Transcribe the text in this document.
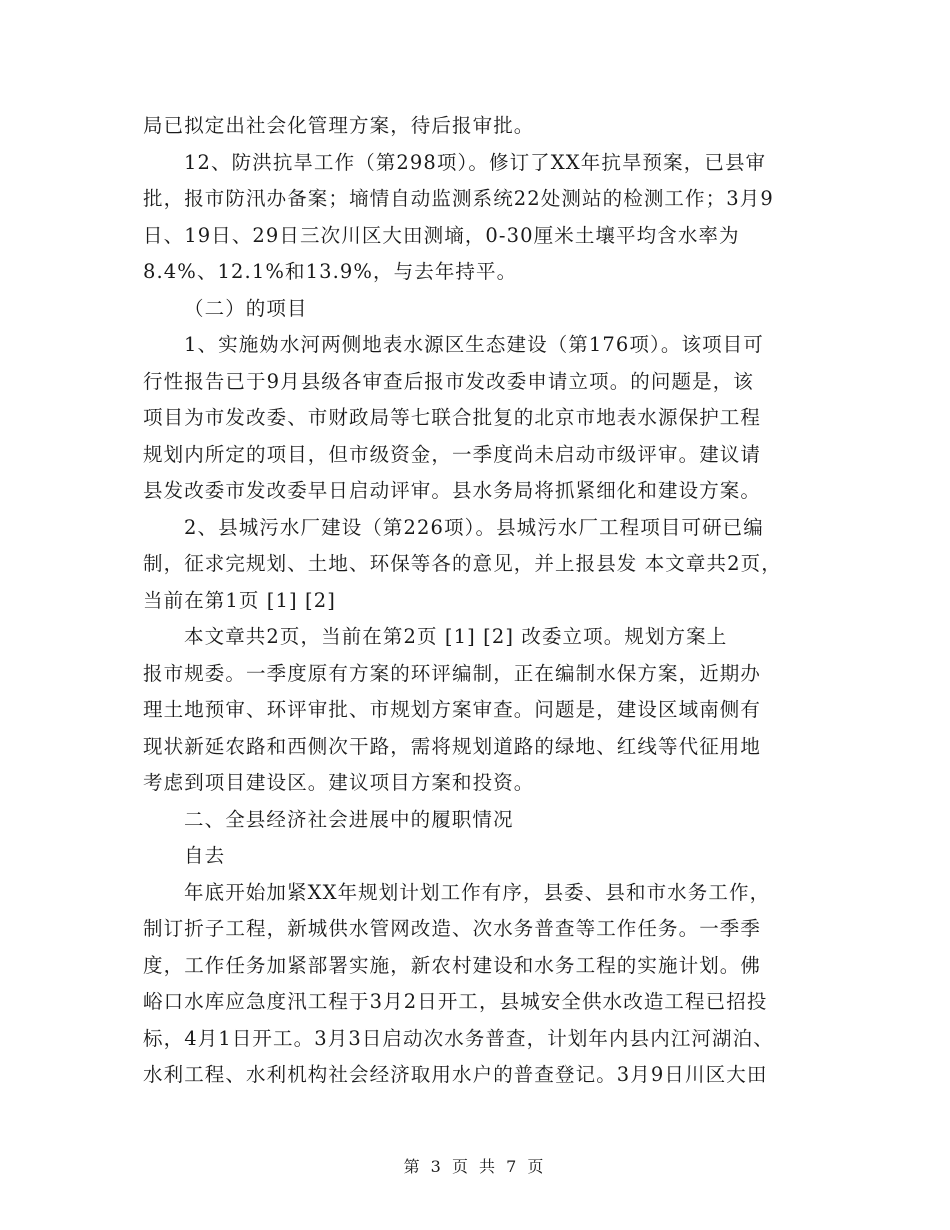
局已拟定出社会化管理方案，待后报审批。
12、防洪抗旱工作（第298项）。修订了XX年抗旱预案，已县审
批，报市防汛办备案；墒情自动监测系统22处测站的检测工作；3月9
日、19日、29日三次川区大田测墒，0-30厘米土壤平均含水率为
8.4%、12.1%和13.9%，与去年持平。
（二）的项目
1、实施妫水河两侧地表水源区生态建设（第176项）。该项目可
行性报告已于9月县级各审查后报市发改委申请立项。的问题是，该
项目为市发改委、市财政局等七联合批复的北京市地表水源保护工程
规划内所定的项目，但市级资金，一季度尚未启动市级评审。建议请
县发改委市发改委早日启动评审。县水务局将抓紧细化和建设方案。
2、县城污水厂建设（第226项）。县城污水厂工程项目可研已编
制，征求完规划、土地、环保等各的意见，并上报县发 本文章共2页，
当前在第1页 [1] [2]
本文章共2页，当前在第2页 [1] [2] 改委立项。规划方案上
报市规委。一季度原有方案的环评编制，正在编制水保方案，近期办
理土地预审、环评审批、市规划方案审查。问题是，建设区域南侧有
现状新延农路和西侧次干路，需将规划道路的绿地、红线等代征用地
考虑到项目建设区。建议项目方案和投资。
二、全县经济社会进展中的履职情况
自去
年底开始加紧XX年规划计划工作有序，县委、县和市水务工作，
制订折子工程，新城供水管网改造、次水务普查等工作任务。一季季
度，工作任务加紧部署实施，新农村建设和水务工程的实施计划。佛
峪口水库应急度汛工程于3月2日开工，县城安全供水改造工程已招投
标，4月1日开工。3月3日启动次水务普查，计划年内县内江河湖泊、
水利工程、水利机构社会经济取用水户的普查登记。3月9日川区大田
第 3 页 共 7 页
